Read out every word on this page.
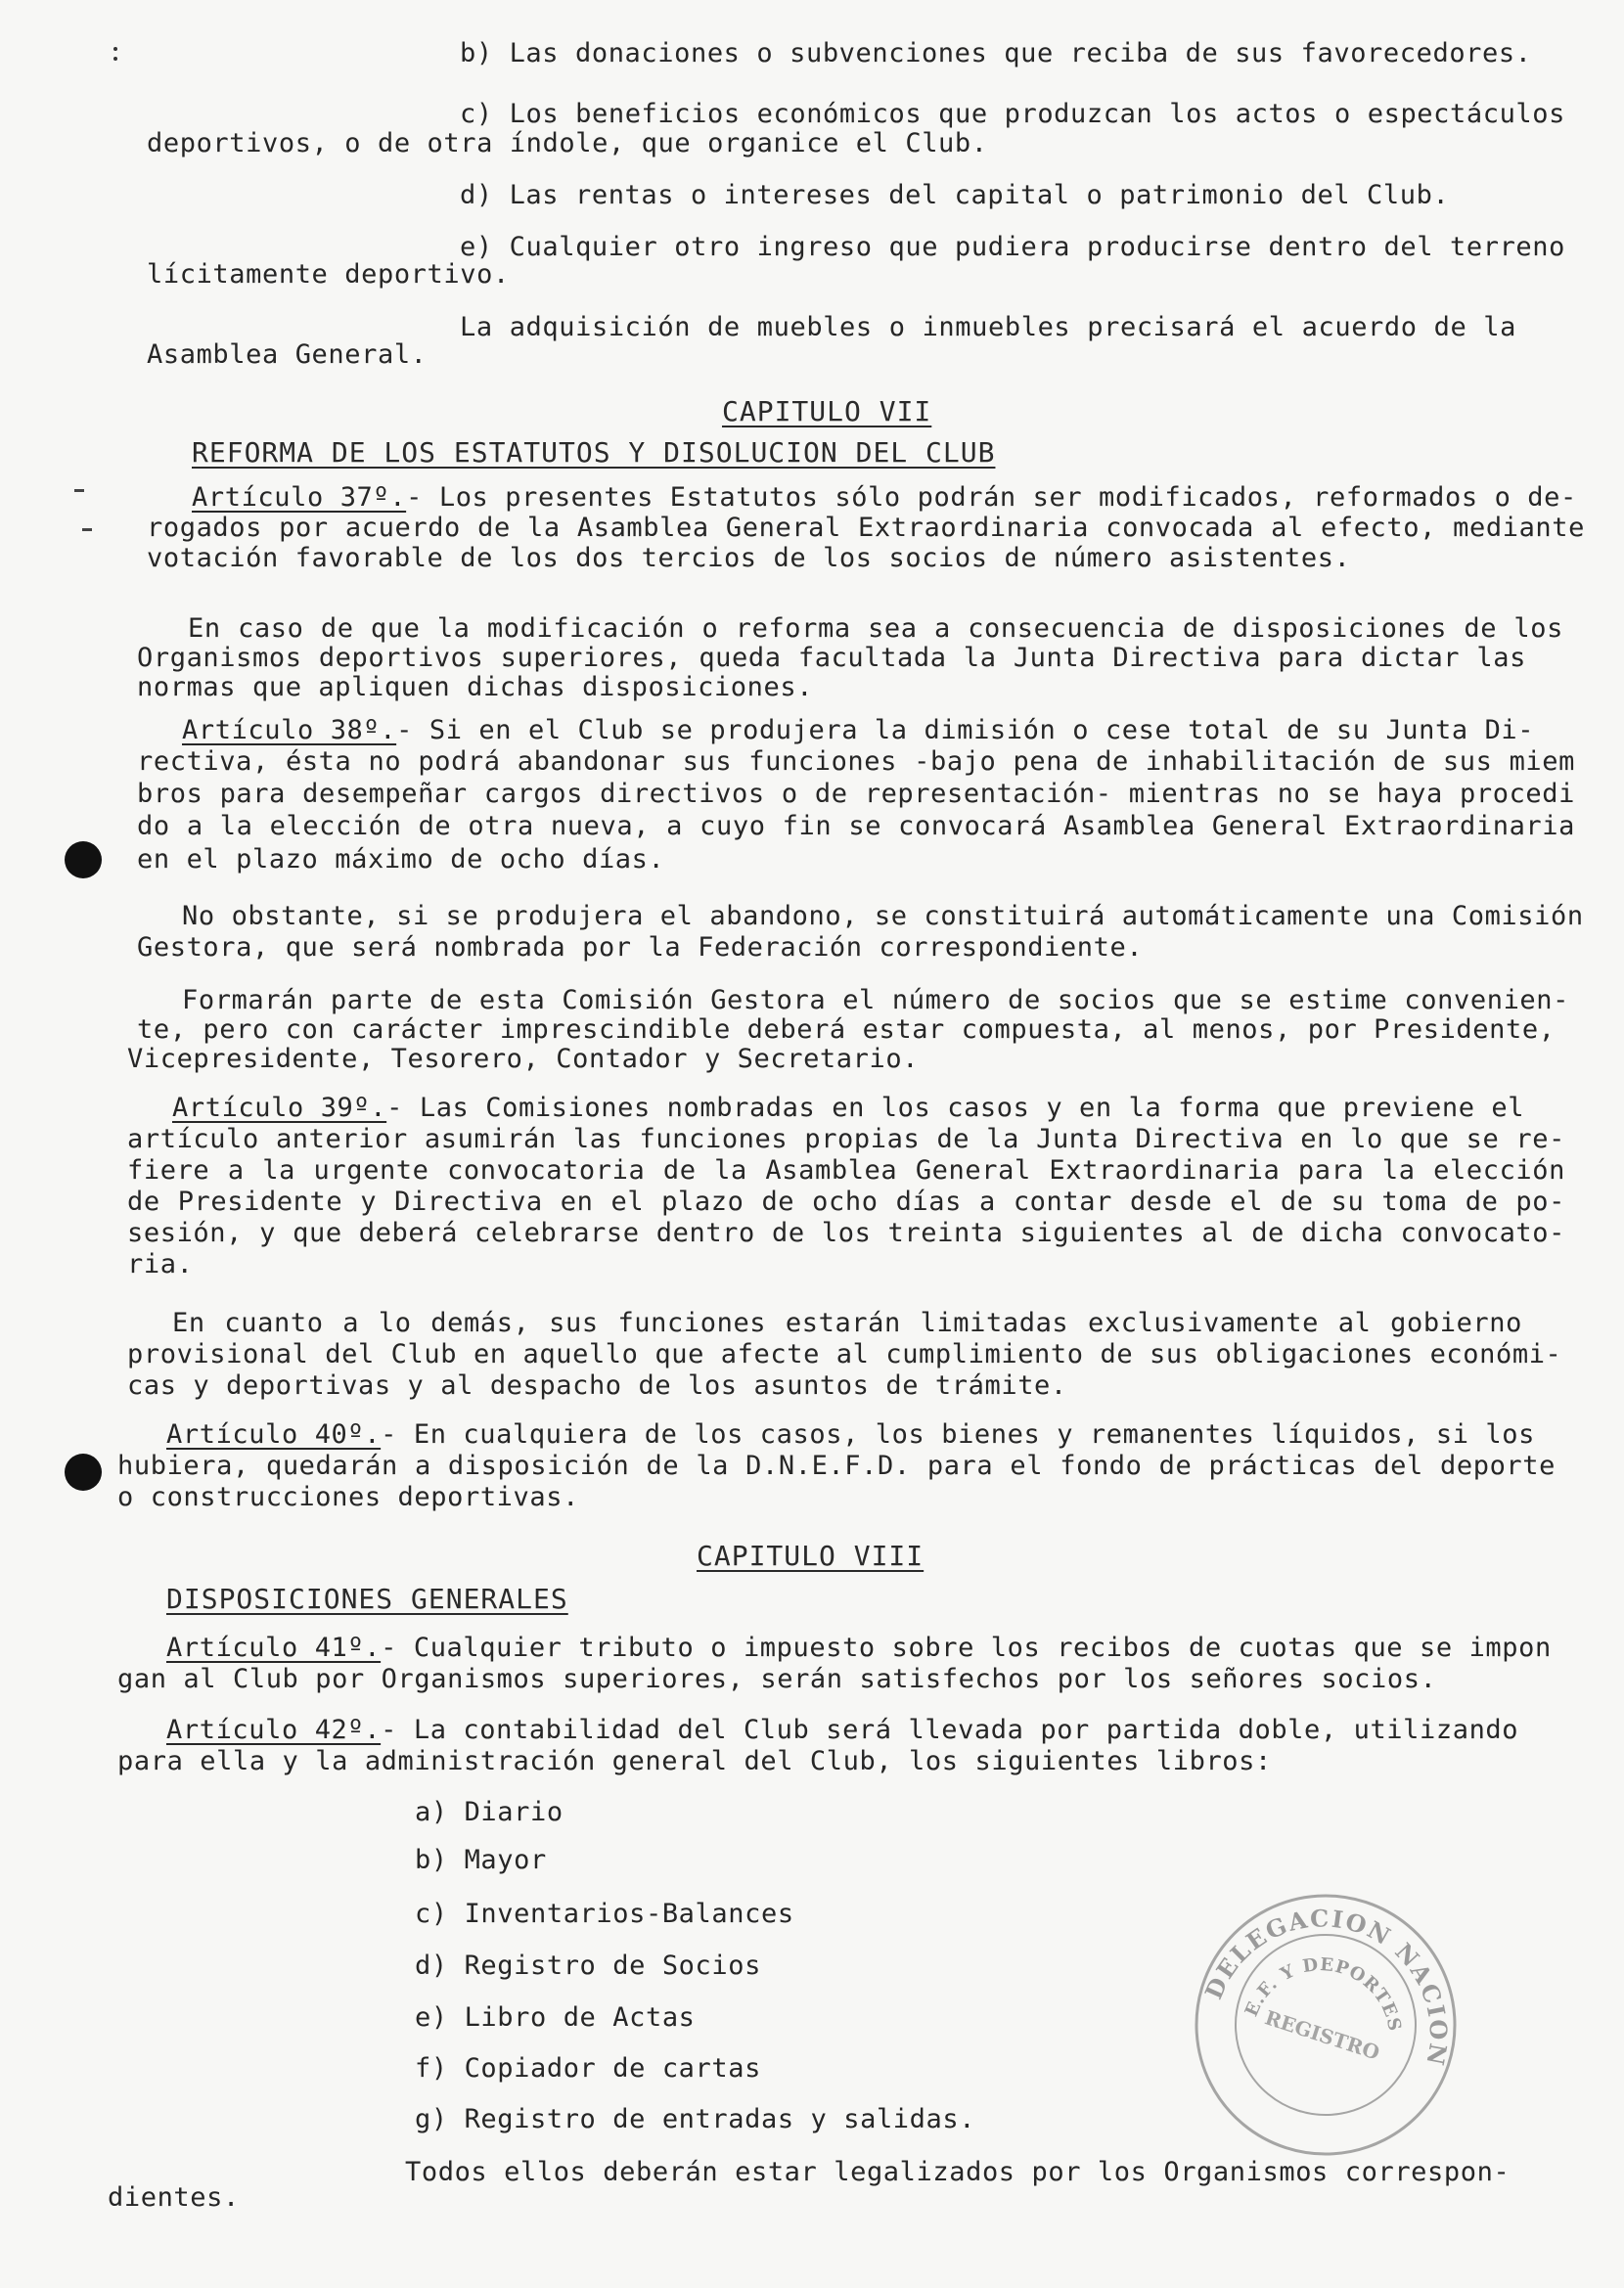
b) Las donaciones o subvenciones que reciba de sus favorecedores.
c) Los beneficios económicos que produzcan los actos o espectáculos
deportivos, o de otra índole, que organice el Club.
d) Las rentas o intereses del capital o patrimonio del Club.
e) Cualquier otro ingreso que pudiera producirse dentro del terreno
lícitamente deportivo.
La adquisición de muebles o inmuebles precisará el acuerdo de la
Asamblea General.
CAPITULO VII
REFORMA DE LOS ESTATUTOS Y DISOLUCION DEL CLUB
Artículo 37º.- Los presentes Estatutos sólo podrán ser modificados, reformados o de-
rogados por acuerdo de la Asamblea General Extraordinaria convocada al efecto, mediante
votación favorable de los dos tercios de los socios de número asistentes.
En caso de que la modificación o reforma sea a consecuencia de disposiciones de los
Organismos deportivos superiores, queda facultada la Junta Directiva para dictar las
normas que apliquen dichas disposiciones.
Artículo 38º.- Si en el Club se produjera la dimisión o cese total de su Junta Di-
rectiva, ésta no podrá abandonar sus funciones -bajo pena de inhabilitación de sus miem
bros para desempeñar cargos directivos o de representación- mientras no se haya procedi
do a la elección de otra nueva, a cuyo fin se convocará Asamblea General Extraordinaria
en el plazo máximo de ocho días.
No obstante, si se produjera el abandono, se constituirá automáticamente una Comisión
Gestora, que será nombrada por la Federación correspondiente.
Formarán parte de esta Comisión Gestora el número de socios que se estime convenien-
te, pero con carácter imprescindible deberá estar compuesta, al menos, por Presidente,
Vicepresidente, Tesorero, Contador y Secretario.
Artículo 39º.- Las Comisiones nombradas en los casos y en la forma que previene el
artículo anterior asumirán las funciones propias de la Junta Directiva en lo que se re-
fiere a la urgente convocatoria de la Asamblea General Extraordinaria para la elección
de Presidente y Directiva en el plazo de ocho días a contar desde el de su toma de po-
sesión, y que deberá celebrarse dentro de los treinta siguientes al de dicha convocato-
ria.
En cuanto a lo demás, sus funciones estarán limitadas exclusivamente al gobierno
provisional del Club en aquello que afecte al cumplimiento de sus obligaciones económi-
cas y deportivas y al despacho de los asuntos de trámite.
Artículo 40º.- En cualquiera de los casos, los bienes y remanentes líquidos, si los
hubiera, quedarán a disposición de la D.N.E.F.D. para el fondo de prácticas del deporte
o construcciones deportivas.
CAPITULO VIII
DISPOSICIONES GENERALES
Artículo 41º.- Cualquier tributo o impuesto sobre los recibos de cuotas que se impon
gan al Club por Organismos superiores, serán satisfechos por los señores socios.
Artículo 42º.- La contabilidad del Club será llevada por partida doble, utilizando
para ella y la administración general del Club, los siguientes libros:
a) Diario
b) Mayor
c) Inventarios-Balances
d) Registro de Socios
e) Libro de Actas
f) Copiador de cartas
g) Registro de entradas y salidas.
Todos ellos deberán estar legalizados por los Organismos correspon-
dientes.
DELEGACION NACIONAL
E.F. Y DEPORTES
REGISTRO
